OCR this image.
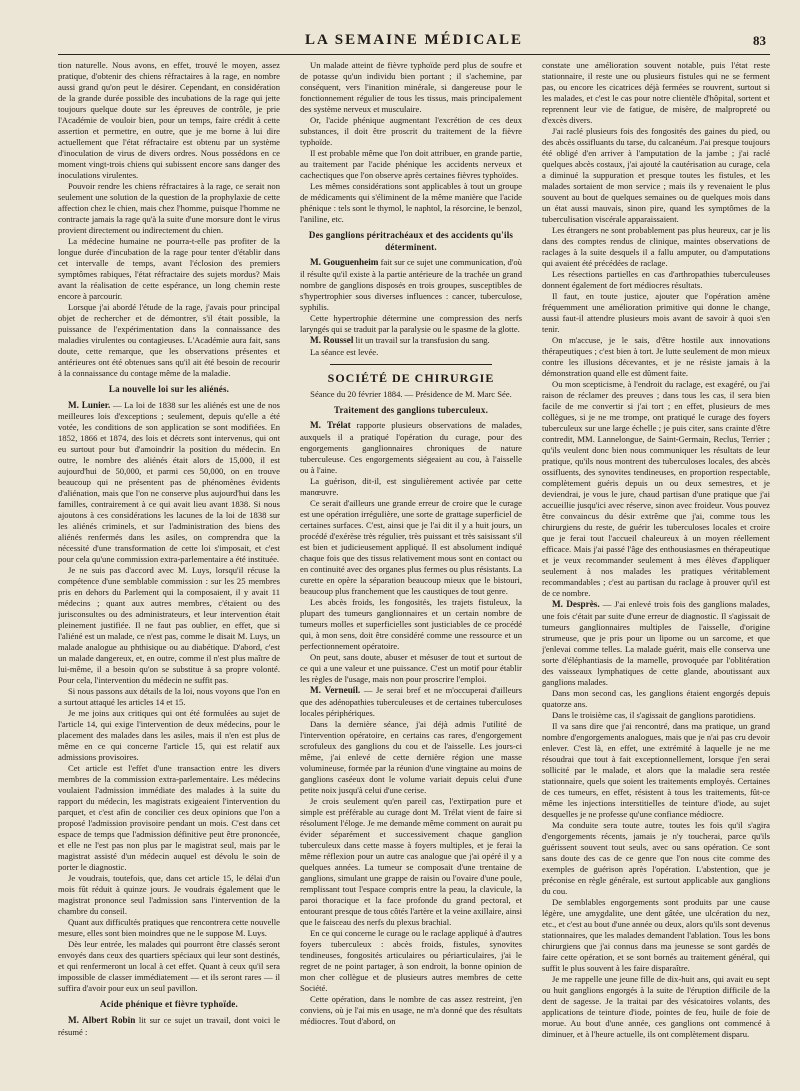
LA SEMAINE MÉDICALE	83

tion naturelle. Nous avons, en effet, trouvé le moyen, assez pratique, d'obtenir des chiens réfractaires à la rage, en nombre aussi grand qu'on peut le désirer. Cependant, en considération de la grande durée possible des incubations de la rage qui jette toujours quelque doute sur les épreuves de contrôle, je prie l'Académie de vouloir bien, pour un temps, faire crédit à cette assertion et permettre, en outre, que je me borne à lui dire actuellement que l'état réfractaire est obtenu par un système d'inoculation de virus de divers ordres. Nous possédons en ce moment vingt-trois chiens qui subissent encore sans danger des inoculations virulentes.

Pouvoir rendre les chiens réfractaires à la rage, ce serait non seulement une solution de la question de la prophylaxie de cette affection chez le chien, mais chez l'homme, puisque l'homme ne contracte jamais la rage qu'à la suite d'une morsure dont le virus provient directement ou indirectement du chien.

La médecine humaine ne pourra-t-elle pas profiter de la longue durée d'incubation de la rage pour tenter d'établir dans cet intervalle de temps, avant l'éclosion des premiers symptômes rabiques, l'état réfractaire des sujets mordus? Mais avant la réalisation de cette espérance, un long chemin reste encore à parcourir.

Lorsque j'ai abordé l'étude de la rage, j'avais pour principal objet de rechercher et de démontrer, s'il était possible, la puissance de l'expérimentation dans la connaissance des maladies virulentes ou contagieuses. L'Académie aura fait, sans doute, cette remarque, que les observations présentes et antérieures ont été obtenues sans qu'il ait été besoin de recourir à la connaissance du contage même de la maladie.

La nouvelle loi sur les aliénés.

M. Lunier. — La loi de 1838 sur les aliénés est une de nos meilleures lois d'exceptions ; seulement, depuis qu'elle a été votée, les conditions de son application se sont modifiées. En 1852, 1866 et 1874, des lois et décrets sont intervenus, qui ont eu surtout pour but d'amoindrir la position du médecin. En outre, le nombre des aliénés était alors de 15,000, il est aujourd'hui de 50,000, et parmi ces 50,000, on en trouve beaucoup qui ne présentent pas de phénomènes évidents d'aliénation, mais que l'on ne conserve plus aujourd'hui dans les familles, contrairement à ce qui avait lieu avant 1838. Si nous ajoutons à ces considérations les lacunes de la loi de 1838 sur les aliénés criminels, et sur l'administration des biens des aliénés renfermés dans les asiles, on comprendra que la nécessité d'une transformation de cette loi s'imposait, et c'est pour cela qu'une commission extra-parlementaire a été instituée.

Je ne suis pas d'accord avec M. Luys, lorsqu'il récuse la compétence d'une semblable commission : sur les 25 membres pris en dehors du Parlement qui la composaient, il y avait 11 médecins ; quant aux autres membres, c'étaient ou des jurisconsultes ou des administrateurs, et leur intervention était pleinement justifiée. Il ne faut pas oublier, en effet, que si l'aliéné est un malade, ce n'est pas, comme le disait M. Luys, un malade analogue au phthisique ou au diabétique. D'abord, c'est un malade dangereux, et, en outre, comme il n'est plus maître de lui-même, il a besoin qu'on se substitue à sa propre volonté. Pour cela, l'intervention du médecin ne suffit pas.

Si nous passons aux détails de la loi, nous voyons que l'on en a surtout attaqué les articles 14 et 15.

Je me joins aux critiques qui ont été formulées au sujet de l'article 14, qui exige l'intervention de deux médecins, pour le placement des malades dans les asiles, mais il n'en est plus de même en ce qui concerne l'article 15, qui est relatif aux admissions provisoires.

Cet article est l'effet d'une transaction entre les divers membres de la commission extra-parlementaire. Les médecins voulaient l'admission immédiate des malades à la suite du rapport du médecin, les magistrats exigeaient l'intervention du parquet, et c'est afin de concilier ces deux opinions que l'on a proposé l'admission provisoire pendant un mois. C'est dans cet espace de temps que l'admission définitive peut être prononcée, et elle ne l'est pas non plus par le magistrat seul, mais par le magistrat assisté d'un médecin auquel est dévolu le soin de porter le diagnostic.

Je voudrais, toutefois, que, dans cet article 15, le délai d'un mois fût réduit à quinze jours. Je voudrais également que le magistrat prononce seul l'admission sans l'intervention de la chambre du conseil.

Quant aux difficultés pratiques que rencontrera cette nouvelle mesure, elles sont bien moindres que ne le suppose M. Luys.

Dès leur entrée, les malades qui pourront être classés seront envoyés dans ceux des quartiers spéciaux qui leur sont destinés, et qui renfermeront un local à cet effet. Quant à ceux qu'il sera impossible de classer immédiatement — et ils seront rares — il suffira d'avoir pour eux un seul pavillon.

Acide phénique et fièvre typhoïde.

M. Albert Robin lit sur ce sujet un travail, dont voici le résumé :

Un malade atteint de fièvre typhoïde perd plus de soufre et de potasse qu'un individu bien portant ; il s'achemine, par conséquent, vers l'inanition minérale, si dangereuse pour le fonctionnement régulier de tous les tissus, mais principalement des système nerveux et musculaire.

Or, l'acide phénique augmentant l'excrétion de ces deux substances, il doit être proscrit du traitement de la fièvre typhoïde.

Il est probable même que l'on doit attribuer, en grande partie, au traitement par l'acide phénique les accidents nerveux et cachectiques que l'on observe après certaines fièvres typhoïdes.

Les mêmes considérations sont applicables à tout un groupe de médicaments qui s'éliminent de la même manière que l'acide phénique : tels sont le thymol, le naphtol, la résorcine, le benzol, l'aniline, etc.

Des ganglions péritrachéaux et des accidents qu'ils déterminent.

M. Gouguenheim fait sur ce sujet une communication, d'où il résulte qu'il existe à la partie antérieure de la trachée un grand nombre de ganglions disposés en trois groupes, susceptibles de s'hypertrophier sous diverses influences : cancer, tuberculose, syphilis.

Cette hypertrophie détermine une compression des nerfs laryngés qui se traduit par la paralysie ou le spasme de la glotte.

M. Roussel lit un travail sur la transfusion du sang.

La séance est levée.

SOCIÉTÉ DE CHIRURGIE
Séance du 20 février 1884. — Présidence de M. Marc Sée.
Traitement des ganglions tuberculeux.

M. Trélat rapporte plusieurs observations de malades, auxquels il a pratiqué l'opération du curage, pour des engorgements ganglionnaires chroniques de nature tuberculeuse. Ces engorgements siégeaient au cou, à l'aisselle ou à l'aine.

La guérison, dit-il, est singulièrement activée par cette manœuvre.

Ce serait d'ailleurs une grande erreur de croire que le curage est une opération irréguIière, une sorte de grattage superficiel de certaines surfaces. C'est, ainsi que je l'ai dit il y a huit jours, un procédé d'exérèse très régulier, très puissant et très saisissant s'il est bien et judicieusement appliqué. Il est absolument indiqué chaque fois que des tissus relativement mous sont en contact ou en continuité avec des organes plus fermes ou plus résistants. La curette en opère la séparation beaucoup mieux que le bistouri, beaucoup plus franchement que les caustiques de tout genre.

Les abcès froids, les fongosités, les trajets fistuleux, la plupart des tumeurs ganglionnaires et un certain nombre de tumeurs molles et superficielles sont justiciables de ce procédé qui, à mon sens, doit être considéré comme une ressource et un perfectionnement opératoire.

On peut, sans doute, abuser et mésuser de tout et surtout de ce qui a une valeur et une puissance. C'est un motif pour établir les règles de l'usage, mais non pour proscrire l'emploi.

M. Verneuil. — Je serai bref et ne m'occuperai d'ailleurs que des adénopathies tuberculeuses et de certaines tuberculoses locales périphériques.

Dans la dernière séance, j'ai déjà admis l'utilité de l'intervention opératoire, en certains cas rares, d'engorgement scrofuleux des ganglions du cou et de l'aisselle. Les jours-ci même, j'ai enlevé de cette dernière région une masse volumineuse, formée par la réunion d'une vingtaine au moins de ganglions caséeux dont le volume variait depuis celui d'une petite noix jusqu'à celui d'une cerise.

Je crois seulement qu'en pareil cas, l'extirpation pure et simple est préférable au curage dont M. Trélat vient de faire si résolument l'éloge. Je me demande même comment on aurait pu évider séparément et successivement chaque ganglion tuberculeux dans cette masse à foyers multiples, et je ferai la même réflexion pour un autre cas analogue que j'ai opéré il y a quelques années. La tumeur se composait d'une trentaine de ganglions, simulant une grappe de raisin ou l'ovaire d'une poule, remplissant tout l'espace compris entre la peau, la clavicule, la paroi thoracique et la face profonde du grand pectoral, et entourant presque de tous côtés l'artère et la veine axillaire, ainsi que le faisceau des nerfs du plexus brachial.

En ce qui concerne le curage ou le raclage appliqué à d'autres foyers tuberculeux : abcès froids, fistules, synovites tendineuses, fongosités articulaires ou périarticulaires, j'ai le regret de ne point partager, à son endroit, la bonne opinion de mon cher collègue et de plusieurs autres membres de cette Société.

Cette opération, dans le nombre de cas assez restreint, j'en conviens, où je l'ai mis en usage, ne m'a donné que des résultats médiocres. Tout d'abord, on

constate une amélioration souvent notable, puis l'état reste stationnaire, il reste une ou plusieurs fistules qui ne se ferment pas, ou encore les cicatrices déjà fermées se rouvrent, surtout si les malades, et c'est le cas pour notre clientèle d'hôpital, sortent et reprennent leur vie de fatigue, de misère, de malpropreté ou d'excès divers.

J'ai raclé plusieurs fois des fongosités des gaines du pied, ou des abcès ossifluants du tarse, du calcanéum. J'ai presque toujours été obligé d'en arriver à l'amputation de la jambe ; j'ai raclé quelques abcès costaux, j'ai ajouté la cautérisation au curage, cela a diminué la suppuration et presque toutes les fistules, et les malades sortaient de mon service ; mais ils y revenaient le plus souvent au bout de quelques semaines ou de quelques mois dans un état aussi mauvais, sinon pire, quand les symptômes de la tuberculisation viscérale apparaissaient.

Les étrangers ne sont probablement pas plus heureux, car je lis dans des comptes rendus de clinique, maintes observations de raclages à la suite desquels il a fallu amputer, ou d'amputations qui avaient été précédées de raclage.

Les résections partielles en cas d'arthropathies tuberculeuses donnent également de fort médiocres résultats.

Il faut, en toute justice, ajouter que l'opération amène fréquemment une amélioration primitive qui donne le change, aussi faut-il attendre plusieurs mois avant de savoir à quoi s'en tenir.

On m'accuse, je le sais, d'être hostile aux innovations thérapeutiques ; c'est bien à tort. Je lutte seulement de mon mieux contre les illusions décevantes, et je ne résiste jamais à la démonstration quand elle est dûment faite.

Ou mon scepticisme, à l'endroit du raclage, est exagéré, ou j'ai raison de réclamer des preuves ; dans tous les cas, il sera bien facile de me convertir si j'ai tort ; en effet, plusieurs de mes collègues, si je ne me trompe, ont pratiqué le curage des foyers tuberculeux sur une large échelle ; je puis citer, sans crainte d'être contredit, MM. Lannelongue, de Saint-Germain, Reclus, Terrier ; qu'ils veulent donc bien nous communiquer les résultats de leur pratique, qu'ils nous montrent des tuberculoses locales, des abcès ossifluents, des synovites tendineuses, en proportion respectable, complètement guéris depuis un ou deux semestres, et je deviendrai, je vous le jure, chaud partisan d'une pratique que j'ai accueillie jusqu'ici avec réserve, sinon avec froideur. Vous pouvez être convaincus du désir extrême que j'ai, comme tous les chirurgiens du reste, de guérir les tuberculoses locales et croire que je ferai tout l'accueil chaleureux à un moyen réellement efficace. Mais j'ai passé l'âge des enthousiasmes en thérapeutique et je veux recommander seulement à mes élèves d'appliquer seulement à nos malades les pratiques véritablement recommandables ; c'est au partisan du raclage à prouver qu'il est de ce nombre.

M. Desprès. — J'ai enlevé trois fois des ganglions malades, une fois c'était par suite d'une erreur de diagnostic. Il s'agissait de tumeurs ganglionnaires multiples de l'aisselle, d'origine strumeuse, que je pris pour un lipome ou un sarcome, et que j'enlevai comme telles. La malade guérit, mais elle conserva une sorte d'éléphantiasis de la mamelle, provoquée par l'oblitération des vaisseaux lymphatiques de cette glande, aboutissant aux ganglions malades.

Dans mon second cas, les ganglions étaient engorgés depuis quatorze ans.

Dans le troisième cas, il s'agissait de ganglions parotidiens.

Il va sans dire que j'ai rencontré, dans ma pratique, un grand nombre d'engorgements analogues, mais que je n'ai pas cru devoir enlever. C'est là, en effet, une extrémité à laquelle je ne me résoudrai que tout à fait exceptionnellement, lorsque j'en serai sollicité par le malade, et alors que la maladie sera restée stationnaire, quels que soient les traitements employés. Certaines de ces tumeurs, en effet, résistent à tous les traitements, fût-ce même les injections interstitielles de teinture d'iode, au sujet desquelles je ne professe qu'une confiance médiocre.

Ma conduite sera toute autre, toutes les fois qu'il s'agira d'engorgements récents, jamais je n'y toucherai, parce qu'ils guérissent souvent tout seuls, avec ou sans opération. Ce sont sans doute des cas de ce genre que l'on nous cite comme des exemples de guérison après l'opération. L'abstention, que je préconise en règle générale, est surtout applicable aux ganglions du cou.

De semblables engorgements sont produits par une cause légère, une amygdalite, une dent gâtée, une ulcération du nez, etc., et c'est au bout d'une année ou deux, alors qu'ils sont devenus stationnaires, que les malades demandent l'ablation. Tous les bons chirurgiens que j'ai connus dans ma jeunesse se sont gardés de faire cette opération, et se sont bornés au traitement général, qui suffit le plus souvent à les faire disparaître.

Je me rappelle une jeune fille de dix-huit ans, qui avait eu sept ou huit ganglions engorgés à la suite de l'éruption difficile de la dent de sagesse. Je la traitai par des vésicatoires volants, des applications de teinture d'iode, pointes de feu, huile de foie de morue. Au bout d'une année, ces ganglions ont commencé à diminuer, et à l'heure actuelle, ils ont complètement disparu.
